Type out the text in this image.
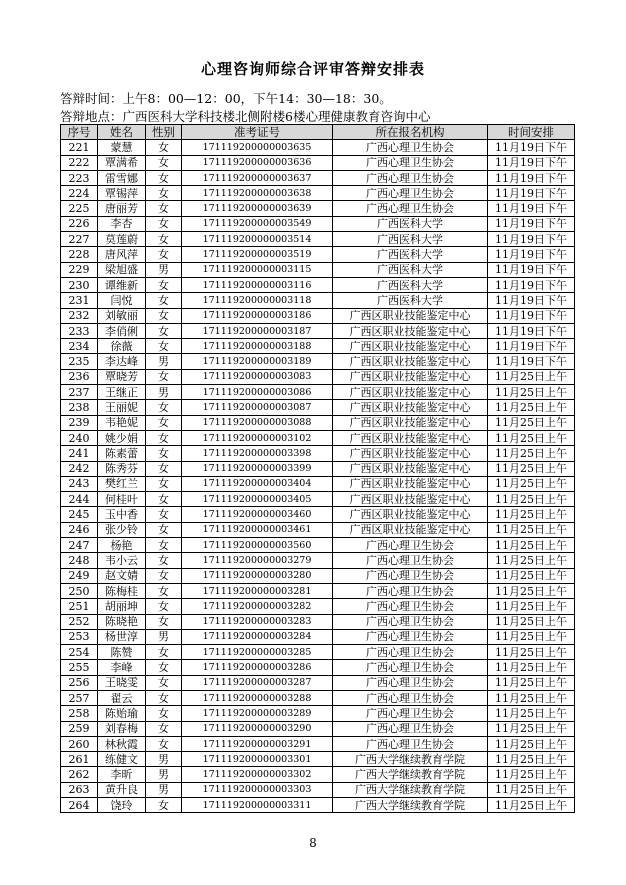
心理咨询师综合评审答辩安排表
答辩时间：上午8：00—12：00，下午14：30—18：30。
答辩地点：广西医科大学科技楼北侧附楼6楼心理健康教育咨询中心
序号	姓名	性别	准考证号	所在报名机构	时间安排
221	蒙慧	女	171119200000003635	广西心理卫生协会	11月19日下午
222	覃满希	女	171119200000003636	广西心理卫生协会	11月19日下午
223	雷雪娜	女	171119200000003637	广西心理卫生协会	11月19日下午
224	覃锡萍	女	171119200000003638	广西心理卫生协会	11月19日下午
225	唐丽芳	女	171119200000003639	广西心理卫生协会	11月19日下午
226	李杏	女	171119200000003549	广西医科大学	11月19日下午
227	莫莲蔚	女	171119200000003514	广西医科大学	11月19日下午
228	唐风萍	女	171119200000003519	广西医科大学	11月19日下午
229	梁旭盛	男	171119200000003115	广西医科大学	11月19日下午
230	谭维新	女	171119200000003116	广西医科大学	11月19日下午
231	闫悦	女	171119200000003118	广西医科大学	11月19日下午
232	刘敏丽	女	171119200000003186	广西区职业技能鉴定中心	11月19日下午
233	李俏俐	女	171119200000003187	广西区职业技能鉴定中心	11月19日下午
234	徐薇	女	171119200000003188	广西区职业技能鉴定中心	11月19日下午
235	李达峰	男	171119200000003189	广西区职业技能鉴定中心	11月19日下午
236	覃晓芳	女	171119200000003083	广西区职业技能鉴定中心	11月25日上午
237	王继正	男	171119200000003086	广西区职业技能鉴定中心	11月25日上午
238	王丽妮	女	171119200000003087	广西区职业技能鉴定中心	11月25日上午
239	韦艳妮	女	171119200000003088	广西区职业技能鉴定中心	11月25日上午
240	姚少娟	女	171119200000003102	广西区职业技能鉴定中心	11月25日上午
241	陈素蕾	女	171119200000003398	广西区职业技能鉴定中心	11月25日上午
242	陈秀芬	女	171119200000003399	广西区职业技能鉴定中心	11月25日上午
243	樊红兰	女	171119200000003404	广西区职业技能鉴定中心	11月25日上午
244	何桂叶	女	171119200000003405	广西区职业技能鉴定中心	11月25日上午
245	玉中香	女	171119200000003460	广西区职业技能鉴定中心	11月25日上午
246	张少铃	女	171119200000003461	广西区职业技能鉴定中心	11月25日上午
247	杨艳	女	171119200000003560	广西心理卫生协会	11月25日上午
248	韦小云	女	171119200000003279	广西心理卫生协会	11月25日上午
249	赵文婧	女	171119200000003280	广西心理卫生协会	11月25日上午
250	陈梅桂	女	171119200000003281	广西心理卫生协会	11月25日上午
251	胡丽坤	女	171119200000003282	广西心理卫生协会	11月25日上午
252	陈晓艳	女	171119200000003283	广西心理卫生协会	11月25日上午
253	杨世淳	男	171119200000003284	广西心理卫生协会	11月25日上午
254	陈赞	女	171119200000003285	广西心理卫生协会	11月25日上午
255	李峰	女	171119200000003286	广西心理卫生协会	11月25日上午
256	王晓雯	女	171119200000003287	广西心理卫生协会	11月25日上午
257	翟云	女	171119200000003288	广西心理卫生协会	11月25日上午
258	陈贻瑜	女	171119200000003289	广西心理卫生协会	11月25日上午
259	刘春梅	女	171119200000003290	广西心理卫生协会	11月25日上午
260	林秋霞	女	171119200000003291	广西心理卫生协会	11月25日上午
261	练健文	男	171119200000003301	广西大学继续教育学院	11月25日上午
262	李昕	男	171119200000003302	广西大学继续教育学院	11月25日上午
263	黄升良	男	171119200000003303	广西大学继续教育学院	11月25日上午
264	饶玲	女	171119200000003311	广西大学继续教育学院	11月25日上午
8
